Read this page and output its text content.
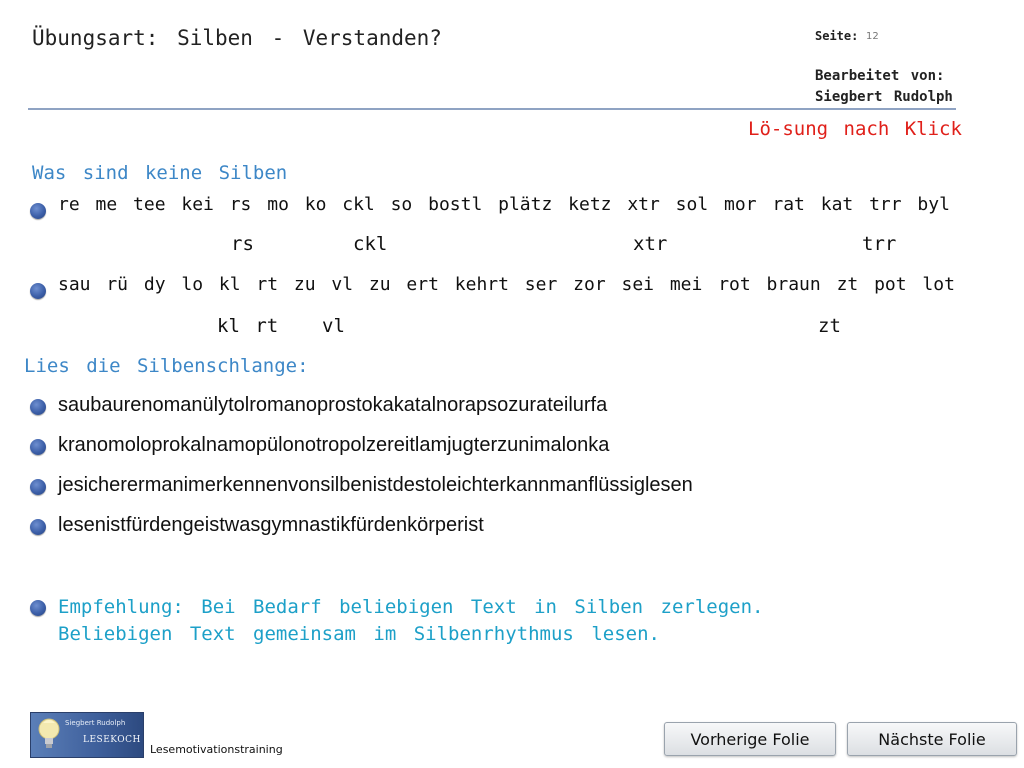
Übungsart: Silben - Verstanden?	Seite: 12
Bearbeitet von:
Siegbert Rudolph
Lö-sung nach Klick
Was sind keine Silben
re me tee kei rs mo ko ckl so bostl plätz ketz xtr sol mor rat kat trr byl
rs	ckl	xtr	trr
sau rü dy lo kl rt zu vl zu ert kehrt ser zor sei mei rot braun zt pot lot
kl rt vl	zt
Lies die Silbenschlange:
saubaurenomanülytolromanoprostokakatalnorapsozurateilurfa
kranomoloprokalnamopülonotropolzereitlamjugterzunimalonka
jesicherermanimerkennenvonsilbenistdestoleichterkannmanflüssiglesen
lesenistfürdengeistwasgymnastikfürdenkörperist
Empfehlung: Bei Bedarf beliebigen Text in Silben zerlegen.
Beliebigen Text gemeinsam im Silbenrhythmus lesen.
Siegbert Rudolph
LESEKOCH
Lesemotivationstraining
Vorherige Folie	Nächste Folie
